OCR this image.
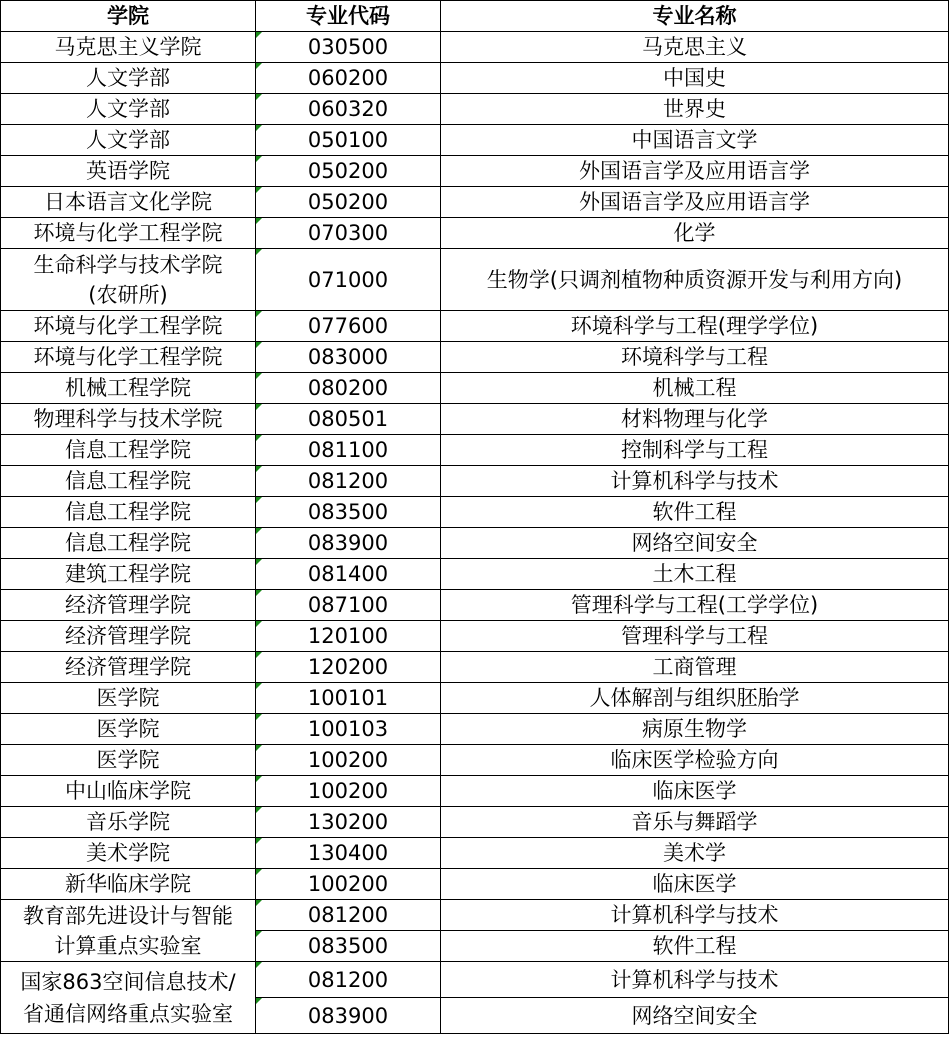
学院	专业代码	专业名称
马克思主义学院	030500	马克思主义
人文学部	060200	中国史
人文学部	060320	世界史
人文学部	050100	中国语言文学
英语学院	050200	外国语言学及应用语言学
日本语言文化学院	050200	外国语言学及应用语言学
环境与化学工程学院	070300	化学

生命科学与技术学院
(农研所)	071000	生物学(只调剂植物种质资源开发与利用方向)
环境与化学工程学院	077600	环境科学与工程(理学学位)
环境与化学工程学院	083000	环境科学与工程
机械工程学院	080200	机械工程
物理科学与技术学院	080501	材料物理与化学
信息工程学院	081100	控制科学与工程
信息工程学院	081200	计算机科学与技术
信息工程学院	083500	软件工程
信息工程学院	083900	网络空间安全
建筑工程学院	081400	土木工程
经济管理学院	087100	管理科学与工程(工学学位)
经济管理学院	120100	管理科学与工程
经济管理学院	120200	工商管理
医学院	100101	人体解剖与组织胚胎学
医学院	100103	病原生物学
医学院	100200	临床医学检验方向
中山临床学院	100200	临床医学
音乐学院	130200	音乐与舞蹈学
美术学院	130400	美术学
新华临床学院	100200	临床医学

教育部先进设计与智能
计算重点实验室	081200	计算机科学与技术
	083500	软件工程

国家863空间信息技术/
省通信网络重点实验室	081200	计算机科学与技术
	083900	网络空间安全
